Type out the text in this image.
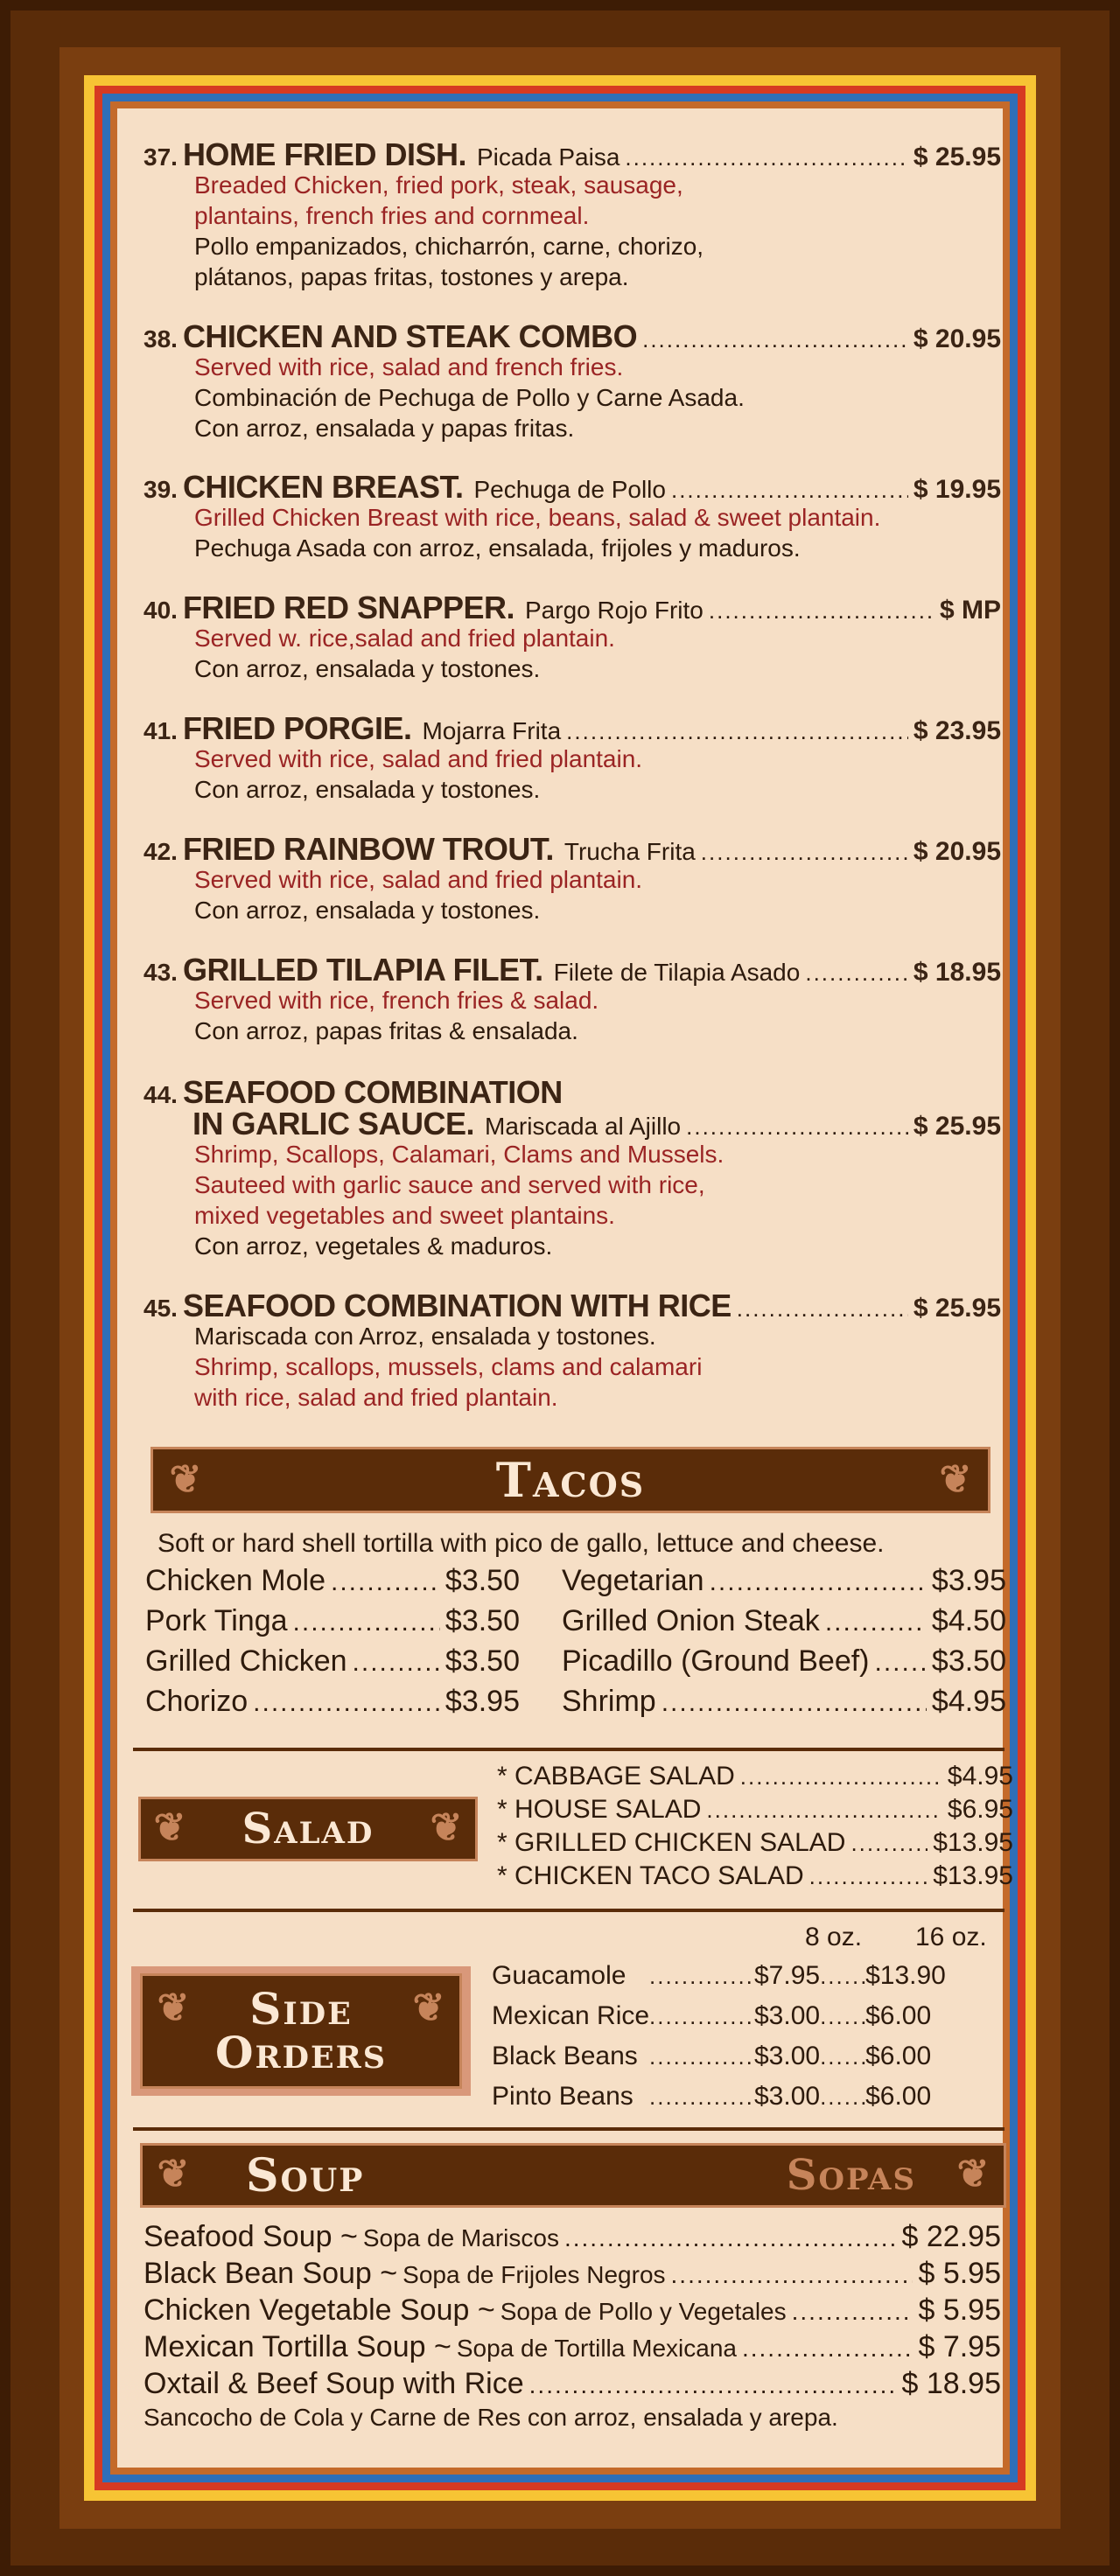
37. HOME FRIED DISH. Picada Paisa .....	$ 25.95
Breaded Chicken, fried pork, steak, sausage,
plantains, french fries and cornmeal.
Pollo empanizados, chicharrón, carne, chorizo,
plátanos, papas fritas, tostones y arepa.
38. CHICKEN AND STEAK COMBO .....	$ 20.95
Served with rice, salad and french fries.
Combinación de Pechuga de Pollo y Carne Asada.
Con arroz, ensalada y papas fritas.
39. CHICKEN BREAST. Pechuga de Pollo .....	$ 19.95
Grilled Chicken Breast with rice, beans, salad & sweet plantain.
Pechuga Asada con arroz, ensalada, frijoles y maduros.
40. FRIED RED SNAPPER. Pargo Rojo Frito .....	$ MP
Served w. rice,salad and fried plantain.
Con arroz, ensalada y tostones.
41. FRIED PORGIE. Mojarra Frita .....	$ 23.95
Served with rice, salad and fried plantain.
Con arroz, ensalada y tostones.
42. FRIED RAINBOW TROUT. Trucha Frita .....	$ 20.95
Served with rice, salad and fried plantain.
Con arroz, ensalada y tostones.
43. GRILLED TILAPIA FILET. Filete de Tilapia Asado .....	$ 18.95
Served with rice, french fries & salad.
Con arroz, papas fritas & ensalada.
44. SEAFOOD COMBINATION
IN GARLIC SAUCE. Mariscada al Ajillo .....	$ 25.95
Shrimp, Scallops, Calamari, Clams and Mussels.
Sauteed with garlic sauce and served with rice,
mixed vegetables and sweet plantains.
Con arroz, vegetales & maduros.
45. SEAFOOD COMBINATION WITH RICE .....	$ 25.95
Mariscada con Arroz, ensalada y tostones.
Shrimp, scallops, mussels, clams and calamari
with rice, salad and fried plantain.
❦	Tacos	❦
Soft or hard shell tortilla with pico de gallo, lettuce and cheese.
Chicken Mole .....	$3.50
Pork Tinga .....	$3.50
Grilled Chicken .....	$3.50
Chorizo .....	$3.95
Vegetarian .....	$3.95
Grilled Onion Steak .....	$4.50
Picadillo (Ground Beef) ..... $3.50
Shrimp .....	$4.95
❦ Salad ❦
* CABBAGE SALAD .....	$4.95
* HOUSE SALAD .....	$6.95
* GRILLED CHICKEN SALAD .....	$13.95
* CHICKEN TACO SALAD .....	$13.95
❦ Side
Orders
❦
8 oz. 16 oz.
Guacamole .....	$7.95 ..... $13.90
Mexican Rice .....	$3.00 ..... $6.00
Black Beans .....	$3.00 ..... $6.00
Pinto Beans .....	$3.00 ..... $6.00
❦ Soup	Sopas ❦
Seafood Soup ~ Sopa de Mariscos .....	$ 22.95
Black Bean Soup ~ Sopa de Frijoles Negros .....	$ 5.95
Chicken Vegetable Soup ~ Sopa de Pollo y Vegetales .....	$ 5.95
Mexican Tortilla Soup ~ Sopa de Tortilla Mexicana .....	$ 7.95
Oxtail & Beef Soup with Rice .....	$ 18.95
Sancocho de Cola y Carne de Res con arroz, ensalada y arepa.
